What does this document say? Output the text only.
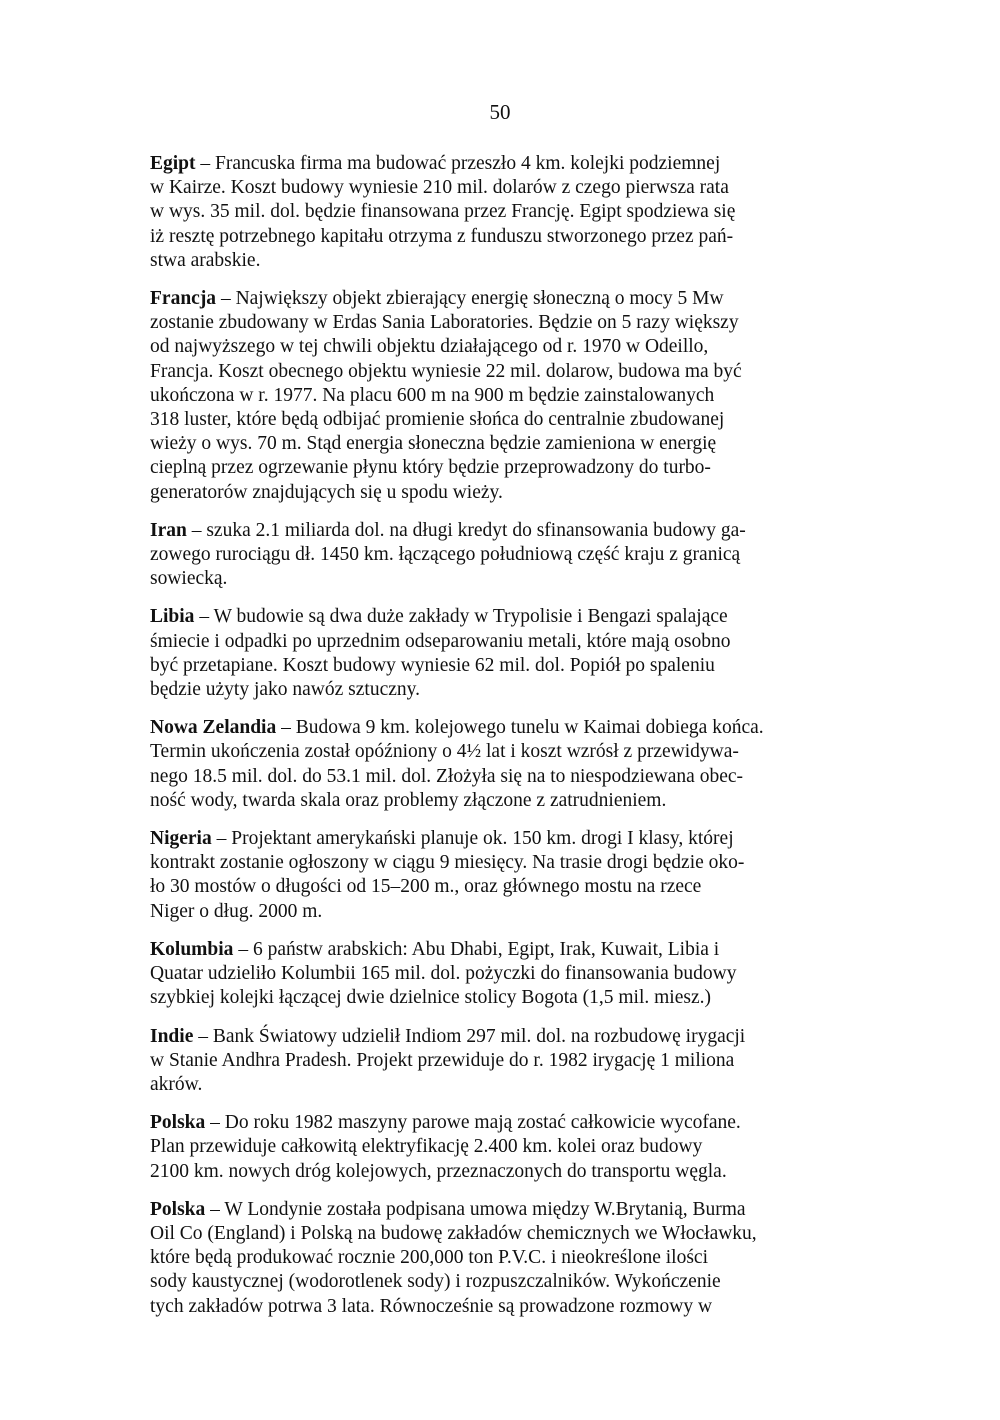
50

Egipt – Francuska firma ma budować przeszło 4 km. kolejki podziemnej
w Kairze. Koszt budowy wyniesie 210 mil. dolarów z czego pierwsza rata
w wys. 35 mil. dol. będzie finansowana przez Francję. Egipt spodziewa się
iż resztę potrzebnego kapitału otrzyma z funduszu stworzonego przez pań-
stwa arabskie.

Francja – Największy objekt zbierający energię słoneczną o mocy 5 Mw
zostanie zbudowany w Erdas Sania Laboratories. Będzie on 5 razy większy
od najwyższego w tej chwili objektu działającego od r. 1970 w Odeillo,
Francja. Koszt obecnego objektu wyniesie 22 mil. dolarow, budowa ma być
ukończona w r. 1977. Na placu 600 m na 900 m będzie zainstalowanych
318 luster, które będą odbijać promienie słońca do centralnie zbudowanej
wieży o wys. 70 m. Stąd energia słoneczna będzie zamieniona w energię
cieplną przez ogrzewanie płynu który będzie przeprowadzony do turbo-
generatorów znajdujących się u spodu wieży.

Iran – szuka 2.1 miliarda dol. na długi kredyt do sfinansowania budowy ga-
zowego rurociągu dł. 1450 km. łączącego południową część kraju z granicą
sowiecką.

Libia – W budowie są dwa duże zakłady w Trypolisie i Bengazi spalające
śmiecie i odpadki po uprzednim odseparowaniu metali, które mają osobno
być przetapiane. Koszt budowy wyniesie 62 mil. dol. Popiół po spaleniu
będzie użyty jako nawóz sztuczny.

Nowa Zelandia – Budowa 9 km. kolejowego tunelu w Kaimai dobiega końca.
Termin ukończenia został opóźniony o 4½ lat i koszt wzrósł z przewidywa-
nego 18.5 mil. dol. do 53.1 mil. dol. Złożyła się na to niespodziewana obec-
ność wody, twarda skala oraz problemy złączone z zatrudnieniem.

Nigeria – Projektant amerykański planuje ok. 150 km. drogi I klasy, której
kontrakt zostanie ogłoszony w ciągu 9 miesięcy. Na trasie drogi będzie oko-
ło 30 mostów o długości od 15–200 m., oraz głównego mostu na rzece
Niger o dług. 2000 m.

Kolumbia – 6 państw arabskich: Abu Dhabi, Egipt, Irak, Kuwait, Libia i
Quatar udzieliło Kolumbii 165 mil. dol. pożyczki do finansowania budowy
szybkiej kolejki łączącej dwie dzielnice stolicy Bogota (1,5 mil. miesz.)

Indie – Bank Światowy udzielił Indiom 297 mil. dol. na rozbudowę irygacji
w Stanie Andhra Pradesh. Projekt przewiduje do r. 1982 irygację 1 miliona
akrów.

Polska – Do roku 1982 maszyny parowe mają zostać całkowicie wycofane.
Plan przewiduje całkowitą elektryfikację 2.400 km. kolei oraz budowy
2100 km. nowych dróg kolejowych, przeznaczonych do transportu węgla.

Polska – W Londynie została podpisana umowa między W.Brytanią, Burma
Oil Co (England) i Polską na budowę zakładów chemicznych we Włocławku,
które będą produkować rocznie 200,000 ton P.V.C. i nieokreślone ilości
sody kaustycznej (wodorotlenek sody) i rozpuszczalników. Wykończenie
tych zakładów potrwa 3 lata. Równocześnie są prowadzone rozmowy w
